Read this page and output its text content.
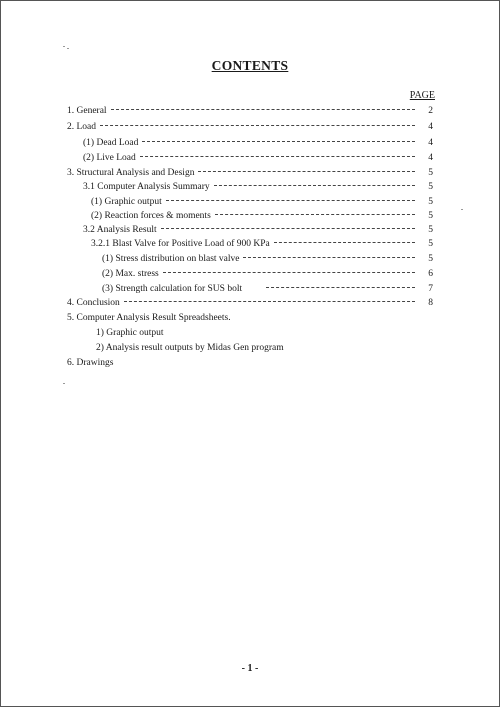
CONTENTS
PAGE
1. General	2
2. Load	4
(1) Dead Load	4
(2) Live Load	4
3. Structural Analysis and Design	5
3.1 Computer Analysis Summary	5
(1) Graphic output	5
(2) Reaction forces & moments	5
3.2 Analysis Result	5
3.2.1 Blast Valve for Positive Load of 900 KPa	5
(1) Stress distribution on blast valve	5
(2) Max. stress	6
(3) Strength calculation for SUS bolt	7
4. Conclusion	8
5. Computer Analysis Result Spreadsheets.
1) Graphic output
2) Analysis result outputs by Midas Gen program
6. Drawings
- 1 -
